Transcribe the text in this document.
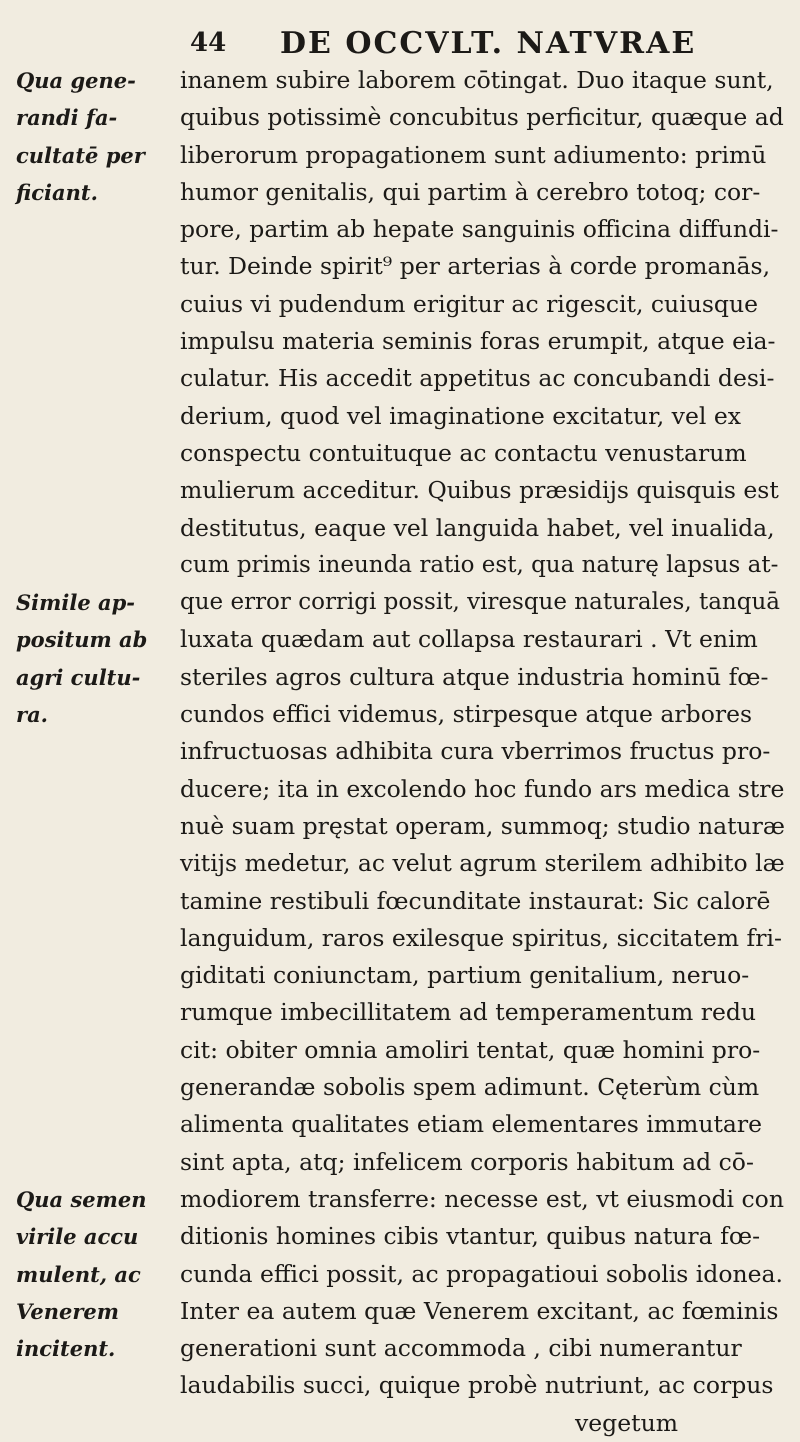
44 DE OCCVLT. NATVRAE
Qua gene-
randi fa-
cultatē per
ficiant.
Simile ap-
positum ab
agri cultu-
ra.
Qua semen
virile accu
mulent, ac
Venerem
incitent.
inanem subire laborem cōtingat. Duo itaque sunt,
quibus potissimè concubitus perficitur, quæque ad
liberorum propagationem sunt adiumento: primū
humor genitalis, qui partim à cerebro totoq; cor-
pore, partim ab hepate sanguinis officina diffundi-
tur. Deinde spirit⁹ per arterias à corde promanās,
cuius vi pudendum erigitur ac rigescit, cuiusque
impulsu materia seminis foras erumpit, atque eia-
culatur. His accedit appetitus ac concubandi desi-
derium, quod vel imaginatione excitatur, vel ex
conspectu contuituque ac contactu venustarum
mulierum acceditur. Quibus præsidijs quisquis est
destitutus, eaque vel languida habet, vel inualida,
cum primis ineunda ratio est, qua naturę lapsus at-
que error corrigi possit, viresque naturales, tanquā
luxata quædam aut collapsa restaurari . Vt enim
steriles agros cultura atque industria hominū fœ-
cundos effici videmus, stirpesque atque arbores
infructuosas adhibita cura vberrimos fructus pro-
ducere; ita in excolendo hoc fundo ars medica stre
nuè suam pręstat operam, summoq; studio naturæ
vitijs medetur, ac velut agrum sterilem adhibito læ
tamine restibuli fœcunditate instaurat: Sic calorē
languidum, raros exilesque spiritus, siccitatem fri-
giditati coniunctam, partium genitalium, neruo-
rumque imbecillitatem ad temperamentum redu
cit: obiter omnia amoliri tentat, quæ homini pro-
generandæ sobolis spem adimunt. Cęterùm cùm
alimenta qualitates etiam elementares immutare
sint apta, atq; infelicem corporis habitum ad cō-
modiorem transferre: necesse est, vt eiusmodi con
ditionis homines cibis vtantur, quibus natura fœ-
cunda effici possit, ac propagatioui sobolis idonea.
Inter ea autem quæ Venerem excitant, ac fœminis
generationi sunt accommoda , cibi numerantur
laudabilis succi, quique probè nutriunt, ac corpus
vegetum
